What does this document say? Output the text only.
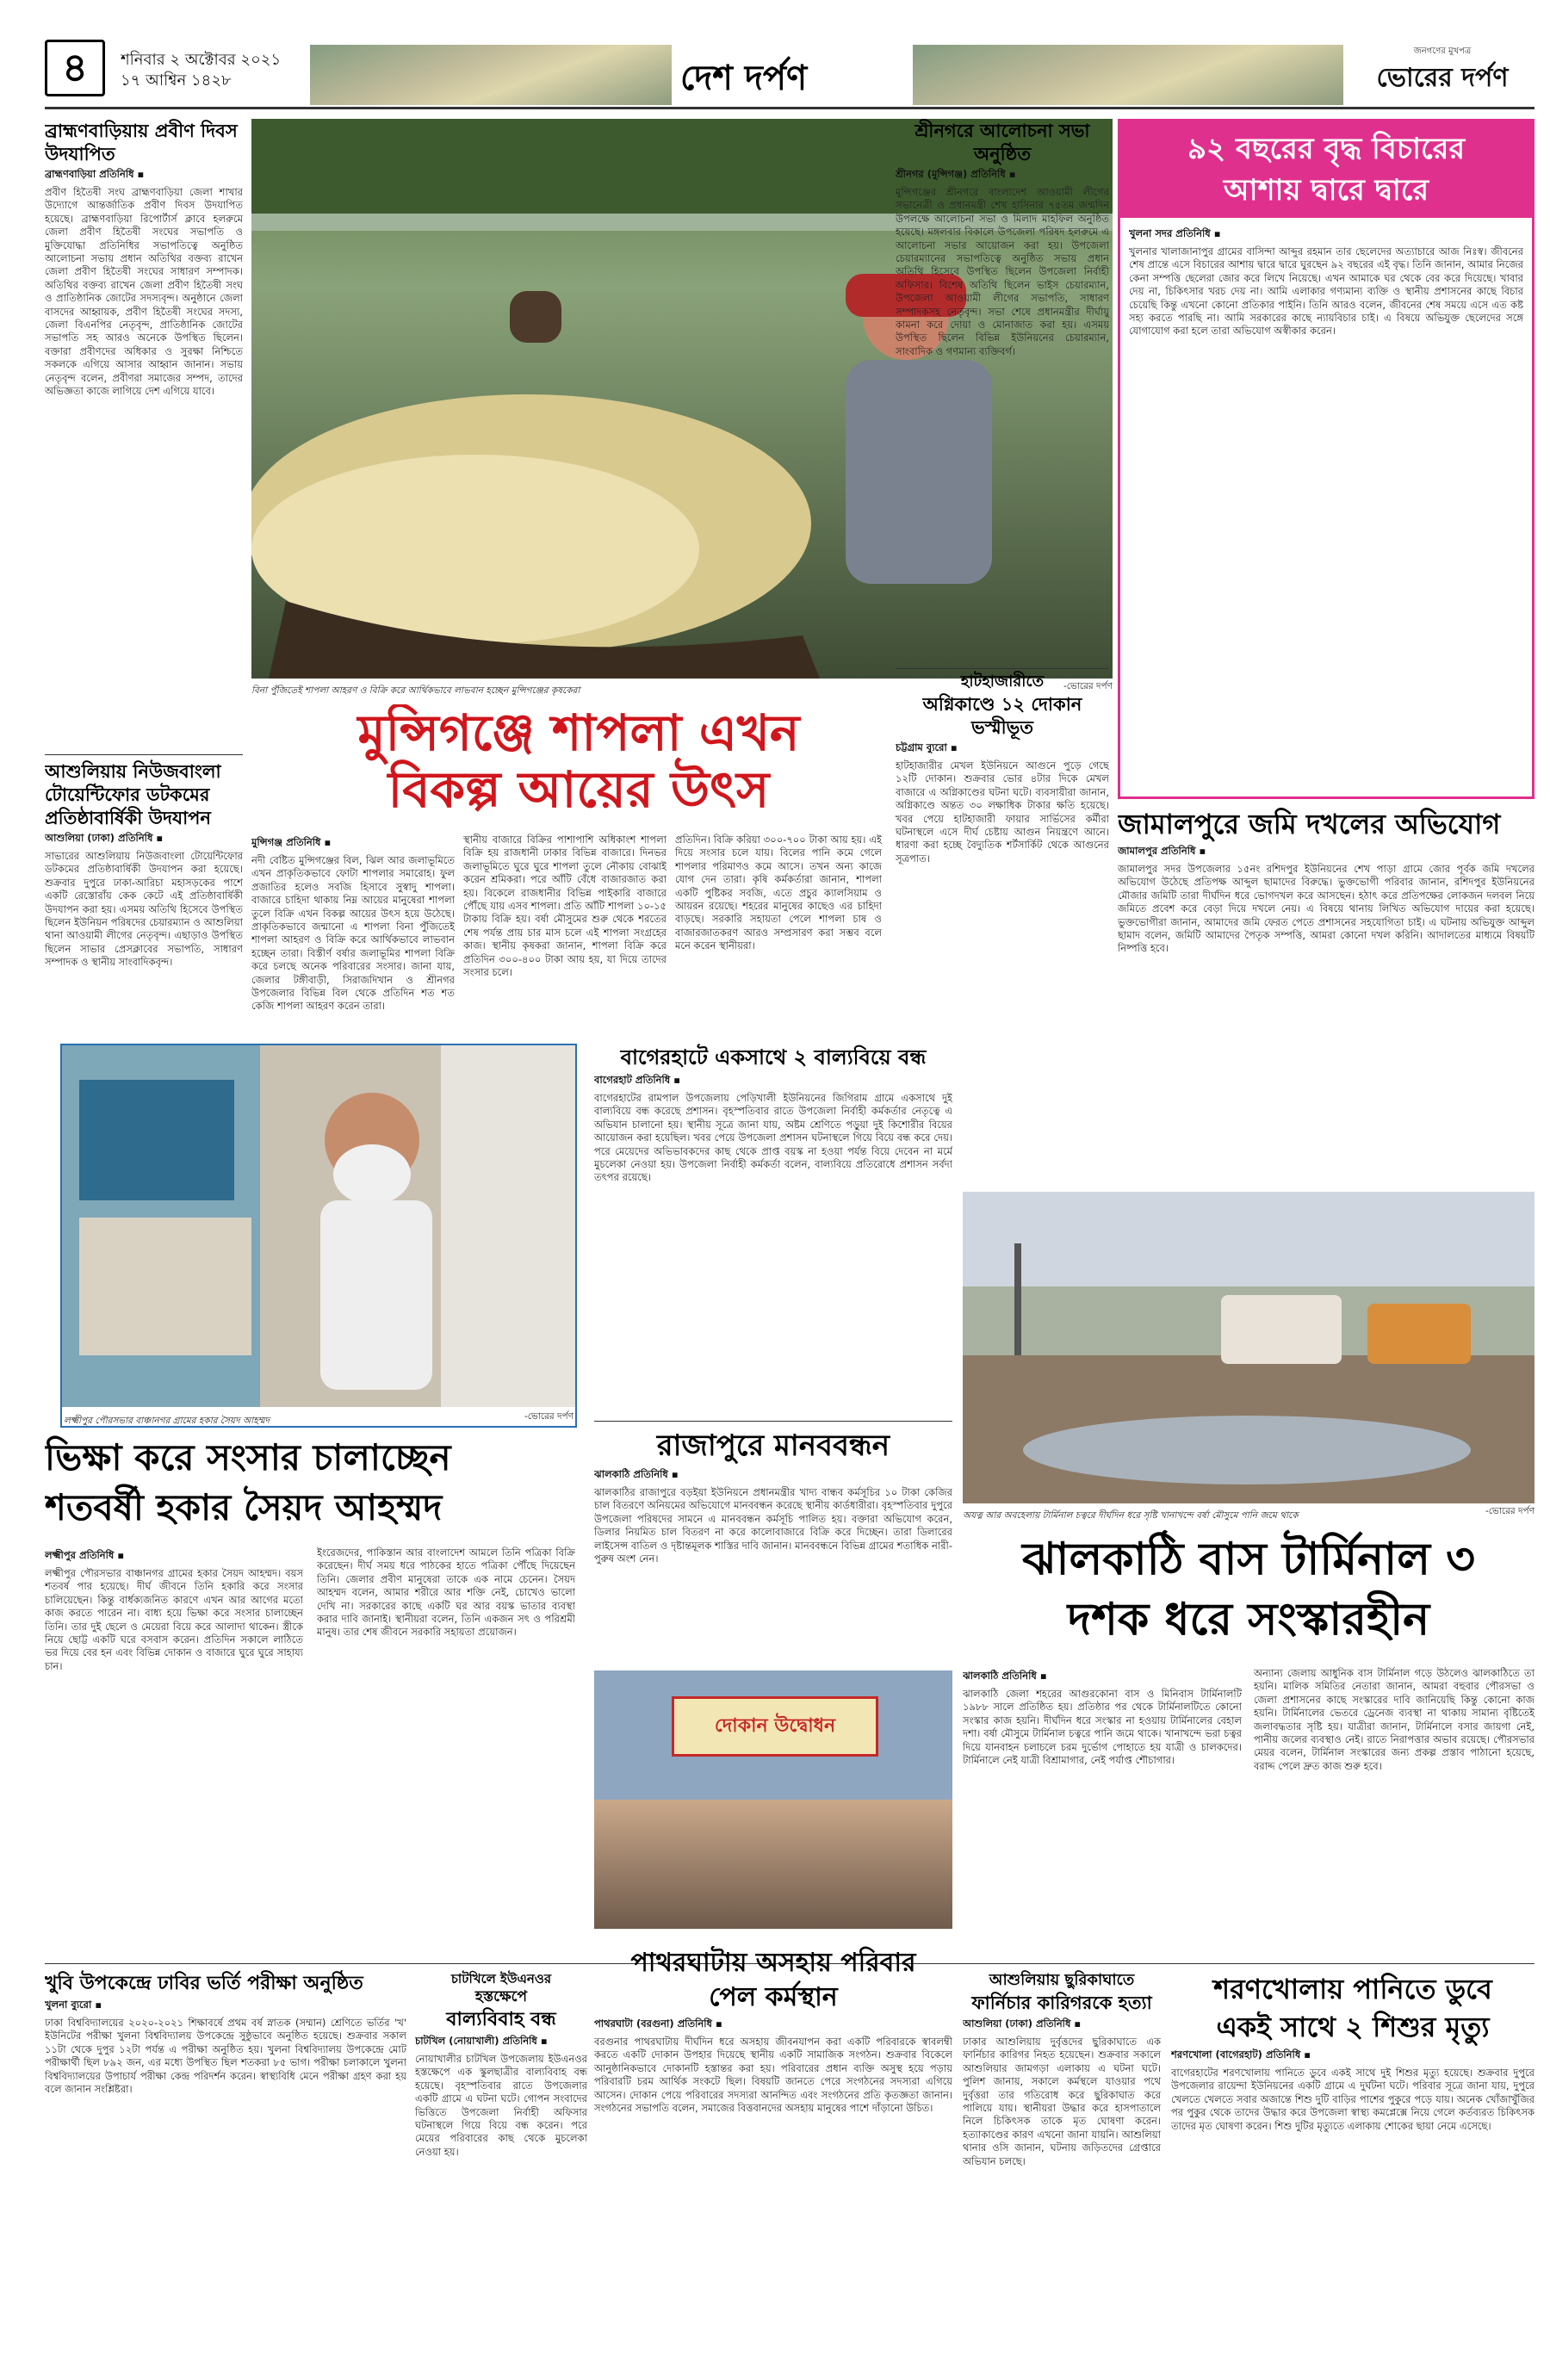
৪	শনিবার ২ অক্টোবর ২০২১
১৭ আশ্বিন ১৪২৮	দেশ দর্পণ
জনগণের মুখপত্র
ভোরের দর্পণ
ব্রাহ্মণবাড়িয়ায় প্রবীণ দিবস উদযাপিত
ব্রাহ্মণবাড়িয়া প্রতিনিধি ▪
প্রবীণ হিতৈষী সংঘ ব্রাহ্মণবাড়িয়া জেলা শাখার উদ্যোগে আন্তর্জাতিক প্রবীণ দিবস উদযাপিত হয়েছে। ব্রাহ্মণবাড়িয়া রিপোর্টার্স ক্লাবে হলরুমে জেলা প্রবীণ হিতৈষী সংঘের সভাপতি ও মুক্তিযোদ্ধা প্রতিনিধির সভাপতিত্বে অনুষ্ঠিত আলোচনা সভায় প্রধান অতিথির বক্তব্য রাখেন জেলা প্রবীণ হিতৈষী সংঘের সাধারণ সম্পাদক। অতিথির বক্তব্য রাখেন জেলা প্রবীণ হিতৈষী সংঘ ও প্রাতিষ্ঠানিক জোটের সদস্যবৃন্দ। অনুষ্ঠানে জেলা বাসদের আহ্বায়ক, প্রবীণ হিতৈষী সংঘের সদস্য, জেলা বিএনপির নেতৃবৃন্দ, প্রাতিষ্ঠানিক জোটের সভাপতি সহ আরও অনেকে উপস্থিত ছিলেন। বক্তারা প্রবীণদের অধিকার ও সুরক্ষা নিশ্চিতে সকলকে এগিয়ে আসার আহ্বান জানান। সভায় নেতৃবৃন্দ বলেন, প্রবীণরা সমাজের সম্পদ, তাদের অভিজ্ঞতা কাজে লাগিয়ে দেশ এগিয়ে যাবে।
আশুলিয়ায় নিউজবাংলা টোয়েন্টিফোর ডটকমের প্রতিষ্ঠাবার্ষিকী উদযাপন
আশুলিয়া (ঢাকা) প্রতিনিধি ▪
সাভারের আশুলিয়ায় নিউজবাংলা টোয়েন্টিফোর ডটকমের প্রতিষ্ঠাবার্ষিকী উদযাপন করা হয়েছে। শুক্রবার দুপুরে ঢাকা-আরিচা মহাসড়কের পাশে একটি রেস্তোরাঁয় কেক কেটে এই প্রতিষ্ঠাবার্ষিকী উদযাপন করা হয়। এসময় অতিথি হিসেবে উপস্থিত ছিলেন ইউনিয়ন পরিষদের চেয়ারম্যান ও আশুলিয়া থানা আওয়ামী লীগের নেতৃবৃন্দ। এছাড়াও উপস্থিত ছিলেন সাভার প্রেসক্লাবের সভাপতি, সাধারণ সম্পাদক ও স্থানীয় সাংবাদিকবৃন্দ।
বিনা পুঁজিতেই শাপলা আহরণ ও বিক্রি করে আর্থিকভাবে লাভবান হচ্ছেন মুন্সিগঞ্জের কৃষকেরা	-ভোরের দর্পণ
মুন্সিগঞ্জে শাপলা এখন
বিকল্প আয়ের উৎস
মুন্সিগঞ্জ প্রতিনিধি ▪
নদী বেষ্টিত মুন্সিগঞ্জের বিল, ঝিল আর জলাভূমিতে এখন প্রাকৃতিকভাবে ফোটা শাপলার সমারোহ। ফুল প্রজাতির হলেও সবজি হিসাবে সুস্বাদু শাপলা। বাজারে চাহিদা থাকায় নিম্ন আয়ের মানুষেরা শাপলা তুলে বিক্রি এখন বিকল্প আয়ের উৎস হয়ে উঠেছে। প্রাকৃতিকভাবে জন্মানো এ শাপলা বিনা পুঁজিতেই শাপলা আহরণ ও বিক্রি করে আর্থিকভাবে লাভবান হচ্ছেন তারা। বিস্তীর্ণ বর্ষার জলাভূমির শাপলা বিক্রি করে চলছে অনেক পরিবারের সংসার। জানা যায়, জেলার টঙ্গীবাড়ী, সিরাজদিখান ও শ্রীনগর উপজেলার বিভিন্ন বিল থেকে প্রতিদিন শত শত কেজি শাপলা আহরণ করেন তারা।
স্থানীয় বাজারে বিক্রির পাশাপাশি অধিকাংশ শাপলা বিক্রি হয় রাজধানী ঢাকার বিভিন্ন বাজারে। দিনভর জলাভূমিতে ঘুরে ঘুরে শাপলা তুলে নৌকায় বোঝাই করেন শ্রমিকরা। পরে আঁটি বেঁধে বাজারজাত করা হয়। বিকেলে রাজধানীর বিভিন্ন পাইকারি বাজারে পৌঁছে যায় এসব শাপলা। প্রতি আঁটি শাপলা ১০-১৫ টাকায় বিক্রি হয়। বর্ষা মৌসুমের শুরু থেকে শরতের শেষ পর্যন্ত প্রায় চার মাস চলে এই শাপলা সংগ্রহের কাজ। স্থানীয় কৃষকরা জানান, শাপলা বিক্রি করে প্রতিদিন ৩০০-৪০০ টাকা আয় হয়, যা দিয়ে তাদের সংসার চলে।
প্রতিদিন। বিক্রি করিয়া ৩০০-৭০০ টাকা আয় হয়। এই দিয়ে সংসার চলে যায়। বিলের পানি কমে গেলে শাপলার পরিমাণও কমে আসে। তখন অন্য কাজে যোগ দেন তারা। কৃষি কর্মকর্তারা জানান, শাপলা একটি পুষ্টিকর সবজি, এতে প্রচুর ক্যালসিয়াম ও আয়রন রয়েছে। শহরের মানুষের কাছেও এর চাহিদা বাড়ছে। সরকারি সহায়তা পেলে শাপলা চাষ ও বাজারজাতকরণ আরও সম্প্রসারণ করা সম্ভব বলে মনে করেন স্থানীয়রা।
শ্রীনগরে আলোচনা সভা অনুষ্ঠিত
শ্রীনগর (মুন্সিগঞ্জ) প্রতিনিধি ▪
মুন্সিগঞ্জের শ্রীনগরে বাংলাদেশ আওয়ামী লীগের সভানেত্রী ও প্রধানমন্ত্রী শেখ হাসিনার ৭৫তম জন্মদিন উপলক্ষে আলোচনা সভা ও মিলাদ মাহফিল অনুষ্ঠিত হয়েছে। মঙ্গলবার বিকালে উপজেলা পরিষদ হলরুমে এ আলোচনা সভার আয়োজন করা হয়। উপজেলা চেয়ারম্যানের সভাপতিত্বে অনুষ্ঠিত সভায় প্রধান অতিথি হিসেবে উপস্থিত ছিলেন উপজেলা নির্বাহী অফিসার। বিশেষ অতিথি ছিলেন ভাইস চেয়ারম্যান, উপজেলা আওয়ামী লীগের সভাপতি, সাধারণ সম্পাদকসহ নেতৃবৃন্দ। সভা শেষে প্রধানমন্ত্রীর দীর্ঘায়ু কামনা করে দোয়া ও মোনাজাত করা হয়। এসময় উপস্থিত ছিলেন বিভিন্ন ইউনিয়নের চেয়ারম্যান, সাংবাদিক ও গণমান্য ব্যক্তিবর্গ।
হাটহাজারীতে
অগ্নিকাণ্ডে ১২ দোকান ভস্মীভূত
চট্টগ্রাম ব্যুরো ▪
হাটহাজারীর মেখল ইউনিয়নে আগুনে পুড়ে গেছে ১২টি দোকান। শুক্রবার ভোর ৪টার দিকে মেখল বাজারে এ অগ্নিকাণ্ডের ঘটনা ঘটে। ব্যবসায়ীরা জানান, অগ্নিকাণ্ডে অন্তত ৩০ লক্ষাধিক টাকার ক্ষতি হয়েছে। খবর পেয়ে হাটহাজারী ফায়ার সার্ভিসের কর্মীরা ঘটনাস্থলে এসে দীর্ঘ চেষ্টায় আগুন নিয়ন্ত্রণে আনে। ধারণা করা হচ্ছে বৈদ্যুতিক শর্টসার্কিট থেকে আগুনের সূত্রপাত।
৯২ বছরের বৃদ্ধ বিচারের
আশায় দ্বারে দ্বারে
খুলনা সদর প্রতিনিধি ▪
খুলনার খালাজানাপুর গ্রামের বাসিন্দা আব্দুর রহমান তার ছেলেদের অত্যাচারে আজ নিঃস্ব। জীবনের শেষ প্রান্তে এসে বিচারের আশায় দ্বারে দ্বারে ঘুরছেন ৯২ বছরের এই বৃদ্ধ। তিনি জানান, আমার নিজের কেনা সম্পত্তি ছেলেরা জোর করে লিখে নিয়েছে। এখন আমাকে ঘর থেকে বের করে দিয়েছে। খাবার দেয় না, চিকিৎসার খরচ দেয় না। আমি এলাকার গণ্যমান্য ব্যক্তি ও স্থানীয় প্রশাসনের কাছে বিচার চেয়েছি কিন্তু এখনো কোনো প্রতিকার পাইনি। তিনি আরও বলেন, জীবনের শেষ সময়ে এসে এত কষ্ট সহ্য করতে পারছি না। আমি সরকারের কাছে ন্যায়বিচার চাই। এ বিষয়ে অভিযুক্ত ছেলেদের সঙ্গে যোগাযোগ করা হলে তারা অভিযোগ অস্বীকার করেন।
জামালপুরে জমি দখলের অভিযোগ
জামালপুর প্রতিনিধি ▪
জামালপুর সদর উপজেলার ১৫নং রশিদপুর ইউনিয়নের শেখ পাড়া গ্রামে জোর পূর্বক জমি দখলের অভিযোগ উঠেছে প্রতিপক্ষ আব্দুল ছামাদের বিরুদ্ধে। ভুক্তভোগী পরিবার জানান, রশিদপুর ইউনিয়নের মৌজার জমিটি তারা দীর্ঘদিন ধরে ভোগদখল করে আসছেন। হঠাৎ করে প্রতিপক্ষের লোকজন দলবল নিয়ে জমিতে প্রবেশ করে বেড়া দিয়ে দখলে নেয়। এ বিষয়ে থানায় লিখিত অভিযোগ দায়ের করা হয়েছে। ভুক্তভোগীরা জানান, আমাদের জমি ফেরত পেতে প্রশাসনের সহযোগিতা চাই। এ ঘটনায় অভিযুক্ত আব্দুল ছামাদ বলেন, জমিটি আমাদের পৈতৃক সম্পত্তি, আমরা কোনো দখল করিনি। আদালতের মাধ্যমে বিষয়টি নিষ্পত্তি হবে।
অযত্ন আর অবহেলায় টার্মিনাল চত্বরে দীর্ঘদিন ধরে সৃষ্টি খানাখন্দে বর্ষা মৌসুমে পানি জমে থাকে	-ভোরের দর্পণ
লক্ষ্মীপুর পৌরসভার বাঞ্চানগর গ্রামের হকার সৈয়দ আহম্মদ	-ভোরের দর্পণ
ভিক্ষা করে সংসার চালাচ্ছেন
শতবর্ষী হকার সৈয়দ আহম্মদ
লক্ষ্মীপুর প্রতিনিধি ▪
লক্ষ্মীপুর পৌরসভার বাঞ্চানগর গ্রামের হকার সৈয়দ আহম্মদ। বয়স শতবর্ষ পার হয়েছে। দীর্ঘ জীবনে তিনি হকারি করে সংসার চালিয়েছেন। কিন্তু বার্ধক্যজনিত কারণে এখন আর আগের মতো কাজ করতে পারেন না। বাধ্য হয়ে ভিক্ষা করে সংসার চালাচ্ছেন তিনি। তার দুই ছেলে ও মেয়েরা বিয়ে করে আলাদা থাকেন। স্ত্রীকে নিয়ে ছোট্ট একটি ঘরে বসবাস করেন। প্রতিদিন সকালে লাঠিতে ভর দিয়ে বের হন এবং বিভিন্ন দোকান ও বাজারে ঘুরে ঘুরে সাহায্য চান।
ইংরেজদের, পাকিস্তান আর বাংলাদেশ আমলে তিনি পত্রিকা বিক্রি করেছেন। দীর্ঘ সময় ধরে পাঠকের হাতে পত্রিকা পৌঁছে দিয়েছেন তিনি। জেলার প্রবীণ মানুষেরা তাকে এক নামে চেনেন। সৈয়দ আহম্মদ বলেন, আমার শরীরে আর শক্তি নেই, চোখেও ভালো দেখি না। সরকারের কাছে একটি ঘর আর বয়স্ক ভাতার ব্যবস্থা করার দাবি জানাই। স্থানীয়রা বলেন, তিনি একজন সৎ ও পরিশ্রমী মানুষ। তার শেষ জীবনে সরকারি সহায়তা প্রয়োজন।
বাগেরহাটে একসাথে ২ বাল্যবিয়ে বন্ধ
বাগেরহাট প্রতিনিধি ▪
বাগেরহাটের রামপাল উপজেলায় পেড়িখালী ইউনিয়নের জিগিরাম গ্রামে একসাথে দুই বাল্যবিয়ে বন্ধ করেছে প্রশাসন। বৃহস্পতিবার রাতে উপজেলা নির্বাহী কর্মকর্তার নেতৃত্বে এ অভিযান চালানো হয়। স্থানীয় সূত্রে জানা যায়, অষ্টম শ্রেণিতে পড়ুয়া দুই কিশোরীর বিয়ের আয়োজন করা হয়েছিল। খবর পেয়ে উপজেলা প্রশাসন ঘটনাস্থলে গিয়ে বিয়ে বন্ধ করে দেয়। পরে মেয়েদের অভিভাবকদের কাছ থেকে প্রাপ্ত বয়স্ক না হওয়া পর্যন্ত বিয়ে দেবেন না মর্মে মুচলেকা নেওয়া হয়। উপজেলা নির্বাহী কর্মকর্তা বলেন, বাল্যবিয়ে প্রতিরোধে প্রশাসন সর্বদা তৎপর রয়েছে।
রাজাপুরে মানববন্ধন
ঝালকাঠি প্রতিনিধি ▪
ঝালকাঠির রাজাপুরে বড়ইয়া ইউনিয়নে প্রধানমন্ত্রীর খাদ্য বান্ধব কর্মসূচির ১০ টাকা কেজির চাল বিতরণে অনিয়মের অভিযোগে মানববন্ধন করেছে স্থানীয় কার্ডধারীরা। বৃহস্পতিবার দুপুরে উপজেলা পরিষদের সামনে এ মানববন্ধন কর্মসূচি পালিত হয়। বক্তারা অভিযোগ করেন, ডিলার নিয়মিত চাল বিতরণ না করে কালোবাজারে বিক্রি করে দিচ্ছেন। তারা ডিলারের লাইসেন্স বাতিল ও দৃষ্টান্তমূলক শাস্তির দাবি জানান। মানববন্ধনে বিভিন্ন গ্রামের শতাধিক নারী-পুরুষ অংশ নেন।
দোকান উদ্বোধন
ঝালকাঠি বাস টার্মিনাল ৩
দশক ধরে সংস্কারহীন
ঝালকাঠি প্রতিনিধি ▪
ঝালকাঠি জেলা শহরের আগুরকোনা বাস ও মিনিবাস টার্মিনালটি ১৯৮৮ সালে প্রতিষ্ঠিত হয়। প্রতিষ্ঠার পর থেকে টার্মিনালটিতে কোনো সংস্কার কাজ হয়নি। দীর্ঘদিন ধরে সংস্কার না হওয়ায় টার্মিনালের বেহাল দশা। বর্ষা মৌসুমে টার্মিনাল চত্বরে পানি জমে থাকে। খানাখন্দে ভরা চত্বর দিয়ে যানবাহন চলাচলে চরম দুর্ভোগ পোহাতে হয় যাত্রী ও চালকদের। টার্মিনালে নেই যাত্রী বিশ্রামাগার, নেই পর্যাপ্ত শৌচাগার।
অন্যান্য জেলায় আধুনিক বাস টার্মিনাল গড়ে উঠলেও ঝালকাঠিতে তা হয়নি। মালিক সমিতির নেতারা জানান, আমরা বহুবার পৌরসভা ও জেলা প্রশাসনের কাছে সংস্কারের দাবি জানিয়েছি কিন্তু কোনো কাজ হয়নি। টার্মিনালের ভেতরে ড্রেনেজ ব্যবস্থা না থাকায় সামান্য বৃষ্টিতেই জলাবদ্ধতার সৃষ্টি হয়। যাত্রীরা জানান, টার্মিনালে বসার জায়গা নেই, পানীয় জলের ব্যবস্থাও নেই। রাতে নিরাপত্তার অভাব রয়েছে। পৌরসভার মেয়র বলেন, টার্মিনাল সংস্কারের জন্য প্রকল্প প্রস্তাব পাঠানো হয়েছে, বরাদ্দ পেলে দ্রুত কাজ শুরু হবে।
খুবি উপকেন্দ্রে ঢাবির ভর্তি পরীক্ষা অনুষ্ঠিত
খুলনা ব্যুরো ▪
ঢাকা বিশ্ববিদ্যালয়ের ২০২০-২০২১ শিক্ষাবর্ষে প্রথম বর্ষ স্নাতক (সম্মান) শ্রেণিতে ভর্তির 'খ' ইউনিটের পরীক্ষা খুলনা বিশ্ববিদ্যালয় উপকেন্দ্রে সুষ্ঠুভাবে অনুষ্ঠিত হয়েছে। শুক্রবার সকাল ১১টা থেকে দুপুর ১২টা পর্যন্ত এ পরীক্ষা অনুষ্ঠিত হয়। খুলনা বিশ্ববিদ্যালয় উপকেন্দ্রে মোট পরীক্ষার্থী ছিল ৮৯২ জন, এর মধ্যে উপস্থিত ছিল শতকরা ৮৫ ভাগ। পরীক্ষা চলাকালে খুলনা বিশ্ববিদ্যালয়ের উপাচার্য পরীক্ষা কেন্দ্র পরিদর্শন করেন। স্বাস্থ্যবিধি মেনে পরীক্ষা গ্রহণ করা হয় বলে জানান সংশ্লিষ্টরা।
চাটখিলে ইউএনওর
হস্তক্ষেপে
বাল্যবিবাহ বন্ধ
চাটখিল (নোয়াখালী) প্রতিনিধি ▪
নোয়াখালীর চাটখিল উপজেলায় ইউএনওর হস্তক্ষেপে এক স্কুলছাত্রীর বাল্যবিবাহ বন্ধ হয়েছে। বৃহস্পতিবার রাতে উপজেলার একটি গ্রামে এ ঘটনা ঘটে। গোপন সংবাদের ভিত্তিতে উপজেলা নির্বাহী অফিসার ঘটনাস্থলে গিয়ে বিয়ে বন্ধ করেন। পরে মেয়ের পরিবারের কাছ থেকে মুচলেকা নেওয়া হয়।
পাথরঘাটায় অসহায় পরিবার
পেল কর্মস্থান
পাথরঘাটা (বরগুনা) প্রতিনিধি ▪
বরগুনার পাথরঘাটায় দীর্ঘদিন ধরে অসহায় জীবনযাপন করা একটি পরিবারকে স্বাবলম্বী করতে একটি দোকান উপহার দিয়েছে স্থানীয় একটি সামাজিক সংগঠন। শুক্রবার বিকেলে আনুষ্ঠানিকভাবে দোকানটি হস্তান্তর করা হয়। পরিবারের প্রধান ব্যক্তি অসুস্থ হয়ে পড়ায় পরিবারটি চরম আর্থিক সংকটে ছিল। বিষয়টি জানতে পেরে সংগঠনের সদস্যরা এগিয়ে আসেন। দোকান পেয়ে পরিবারের সদস্যরা আনন্দিত এবং সংগঠনের প্রতি কৃতজ্ঞতা জানান। সংগঠনের সভাপতি বলেন, সমাজের বিত্তবানদের অসহায় মানুষের পাশে দাঁড়ানো উচিত।
আশুলিয়ায় ছুরিকাঘাতে
ফার্নিচার কারিগরকে হত্যা
আশুলিয়া (ঢাকা) প্রতিনিধি ▪
ঢাকার আশুলিয়ায় দুর্বৃত্তদের ছুরিকাঘাতে এক ফার্নিচার কারিগর নিহত হয়েছেন। শুক্রবার সকালে আশুলিয়ার জামগড়া এলাকায় এ ঘটনা ঘটে। পুলিশ জানায়, সকালে কর্মস্থলে যাওয়ার পথে দুর্বৃত্তরা তার গতিরোধ করে ছুরিকাঘাত করে পালিয়ে যায়। স্থানীয়রা উদ্ধার করে হাসপাতালে নিলে চিকিৎসক তাকে মৃত ঘোষণা করেন। হত্যাকাণ্ডের কারণ এখনো জানা যায়নি। আশুলিয়া থানার ওসি জানান, ঘটনায় জড়িতদের গ্রেপ্তারে অভিযান চলছে।
শরণখোলায় পানিতে ডুবে
একই সাথে ২ শিশুর মৃত্যু
শরণখোলা (বাগেরহাট) প্রতিনিধি ▪
বাগেরহাটের শরণখোলায় পানিতে ডুবে একই সাথে দুই শিশুর মৃত্যু হয়েছে। শুক্রবার দুপুরে উপজেলার রায়েন্দা ইউনিয়নের একটি গ্রামে এ দুর্ঘটনা ঘটে। পরিবার সূত্রে জানা যায়, দুপুরে খেলতে খেলতে সবার অজান্তে শিশু দুটি বাড়ির পাশের পুকুরে পড়ে যায়। অনেক খোঁজাখুঁজির পর পুকুর থেকে তাদের উদ্ধার করে উপজেলা স্বাস্থ্য কমপ্লেক্সে নিয়ে গেলে কর্তব্যরত চিকিৎসক তাদের মৃত ঘোষণা করেন। শিশু দুটির মৃত্যুতে এলাকায় শোকের ছায়া নেমে এসেছে।
